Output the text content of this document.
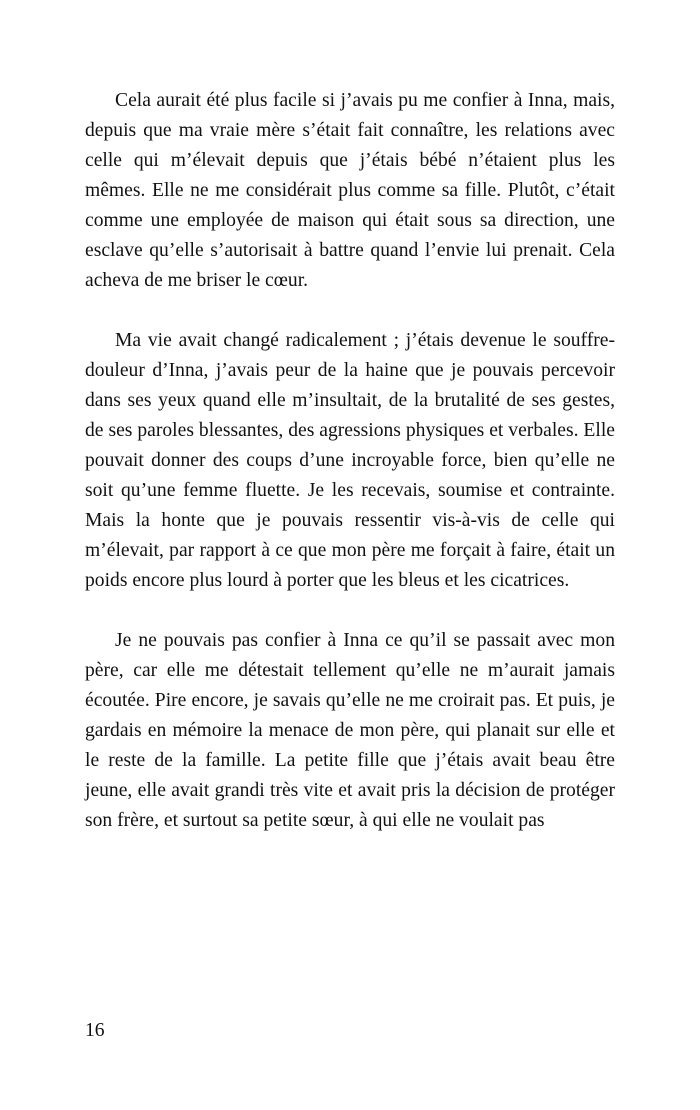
Cela aurait été plus facile si j’avais pu me confier à Inna, mais, depuis que ma vraie mère s’était fait connaître, les relations avec celle qui m’élevait depuis que j’étais bébé n’étaient plus les mêmes. Elle ne me considérait plus comme sa fille. Plutôt, c’était comme une employée de maison qui était sous sa direction, une esclave qu’elle s’autorisait à battre quand l’envie lui prenait. Cela acheva de me briser le cœur.

Ma vie avait changé radicalement ; j’étais devenue le souffre-douleur d’Inna, j’avais peur de la haine que je pouvais percevoir dans ses yeux quand elle m’insultait, de la brutalité de ses gestes, de ses paroles blessantes, des agressions physiques et verbales. Elle pouvait donner des coups d’une incroyable force, bien qu’elle ne soit qu’une femme fluette. Je les recevais, soumise et contrainte. Mais la honte que je pouvais ressentir vis-à-vis de celle qui m’élevait, par rapport à ce que mon père me forçait à faire, était un poids encore plus lourd à porter que les bleus et les cicatrices.

Je ne pouvais pas confier à Inna ce qu’il se passait avec mon père, car elle me détestait tellement qu’elle ne m’aurait jamais écoutée. Pire encore, je savais qu’elle ne me croirait pas. Et puis, je gardais en mémoire la menace de mon père, qui planait sur elle et le reste de la famille. La petite fille que j’étais avait beau être jeune, elle avait grandi très vite et avait pris la décision de protéger son frère, et surtout sa petite sœur, à qui elle ne voulait pas

16
